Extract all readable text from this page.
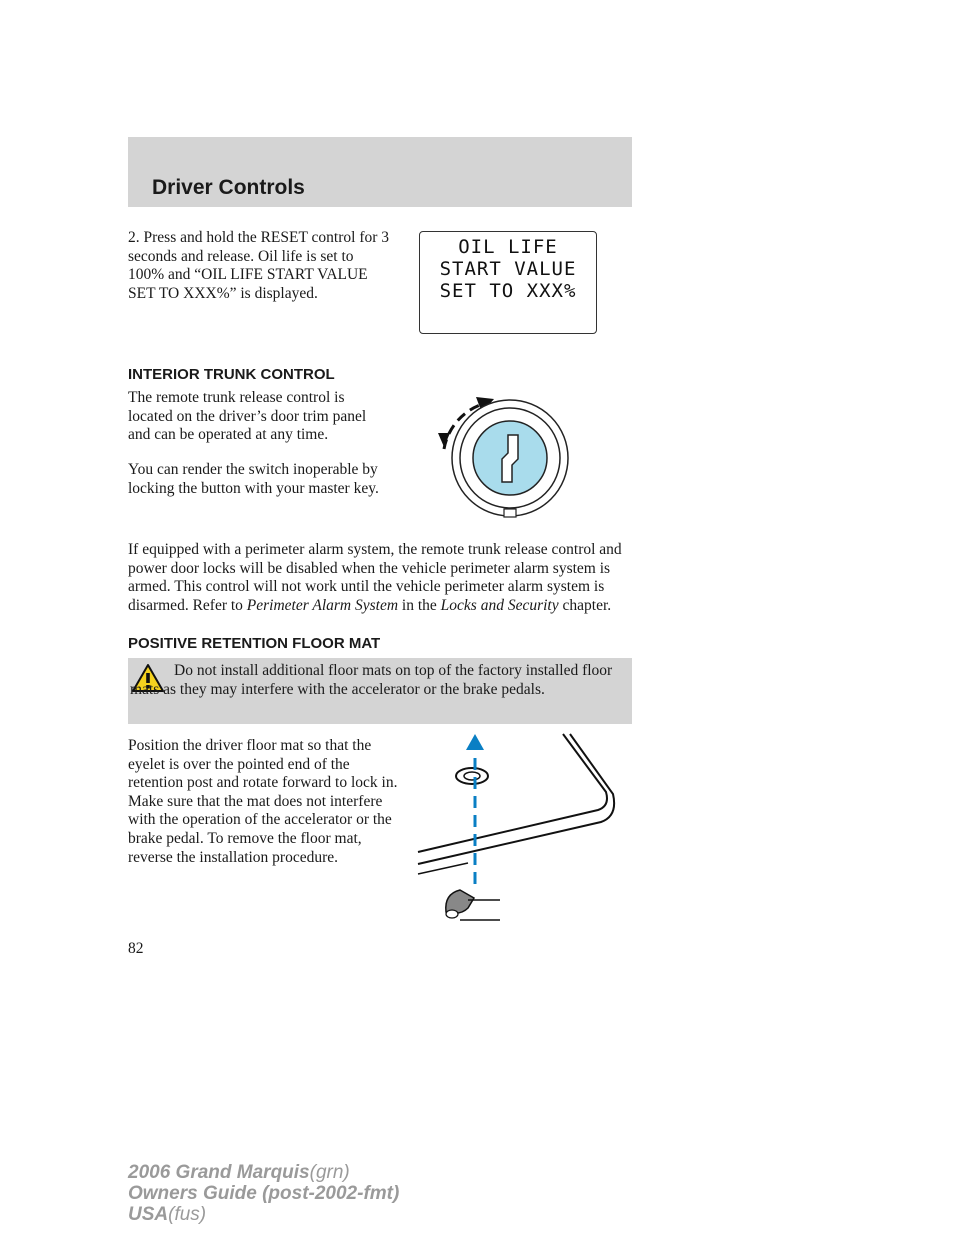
Driver Controls

2. Press and hold the RESET control for 3 seconds and release. Oil life is set to 100% and “OIL LIFE START VALUE SET TO XXX%” is displayed.

OIL LIFE
START VALUE
SET TO XXX%
INTERIOR TRUNK CONTROL

The remote trunk release control is located on the driver’s door trim panel and can be operated at any time.

You can render the switch inoperable by locking the button with your master key.

If equipped with a perimeter alarm system, the remote trunk release control and power door locks will be disabled when the vehicle perimeter alarm system is armed. This control will not work until the vehicle perimeter alarm system is disarmed. Refer to Perimeter Alarm System in the Locks and Security chapter.

POSITIVE RETENTION FLOOR MAT

Do not install additional floor mats on top of the factory installed floor mats as they may interfere with the accelerator or the brake pedals.

Position the driver floor mat so that the eyelet is over the pointed end of the retention post and rotate forward to lock in. Make sure that the mat does not interfere with the operation of the accelerator or the brake pedal. To remove the floor mat, reverse the installation procedure.

82
2006 Grand Marquis(grn)
Owners Guide (post-2002-fmt)
USA(fus)
